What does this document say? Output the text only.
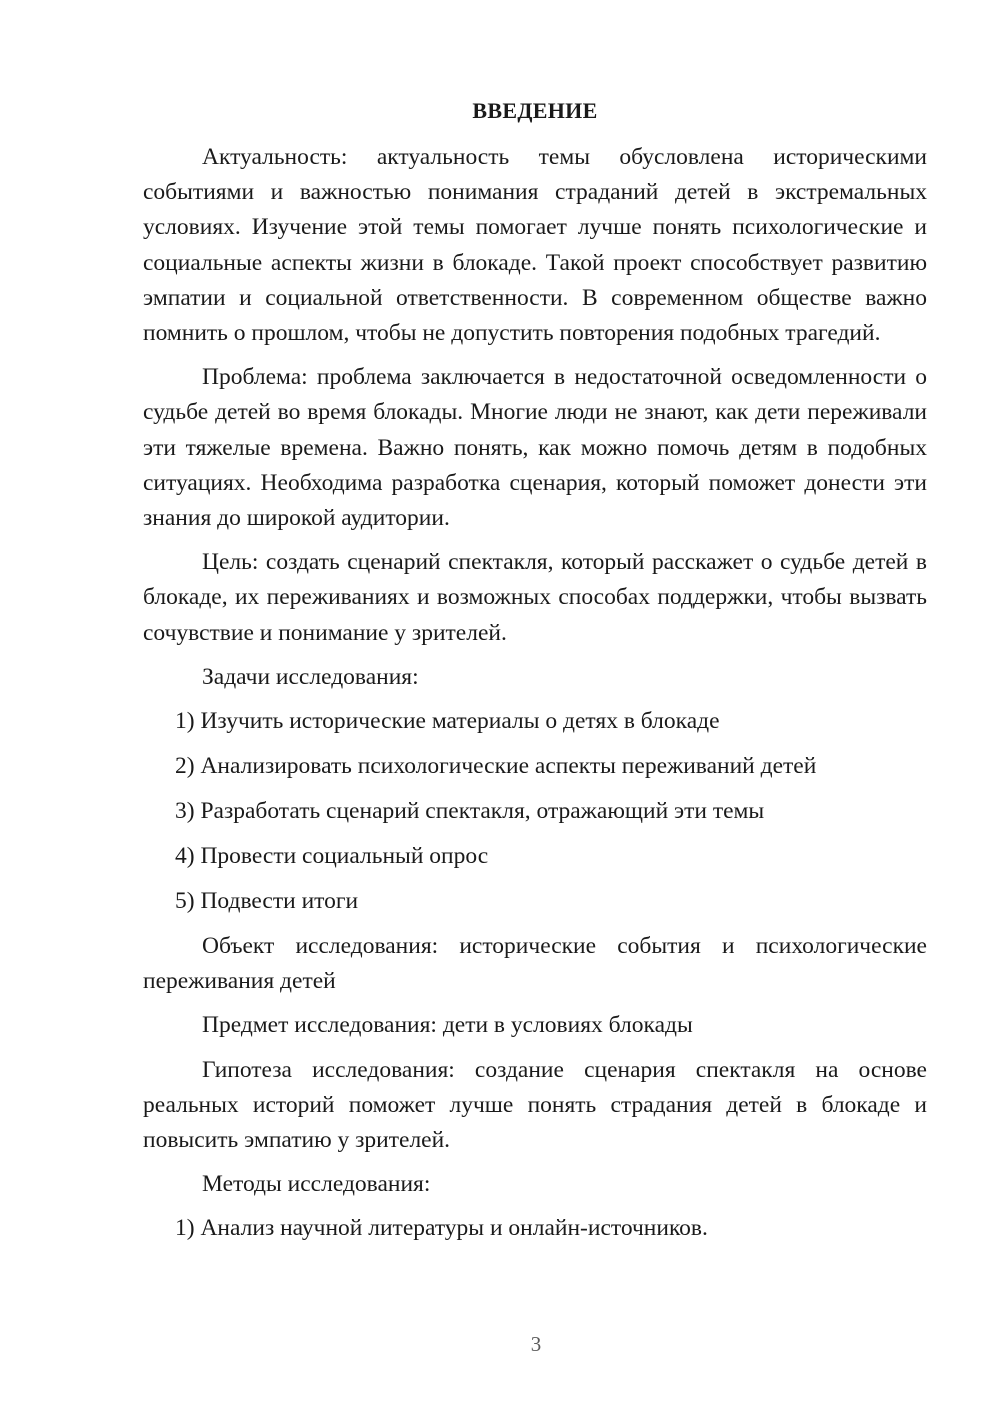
ВВЕДЕНИЕ

Актуальность: актуальность темы обусловлена историческими событиями и важностью понимания страданий детей в экстремальных условиях. Изучение этой темы помогает лучше понять психологические и социальные аспекты жизни в блокаде. Такой проект способствует развитию эмпатии и социальной ответственности. В современном обществе важно помнить о прошлом, чтобы не допустить повторения подобных трагедий.

Проблема: проблема заключается в недостаточной осведомленности о судьбе детей во время блокады. Многие люди не знают, как дети переживали эти тяжелые времена. Важно понять, как можно помочь детям в подобных ситуациях. Необходима разработка сценария, который поможет донести эти знания до широкой аудитории.

Цель: создать сценарий спектакля, который расскажет о судьбе детей в блокаде, их переживаниях и возможных способах поддержки, чтобы вызвать сочувствие и понимание у зрителей.

Задачи исследования:

1) Изучить исторические материалы о детях в блокаде

2) Анализировать психологические аспекты переживаний детей

3) Разработать сценарий спектакля, отражающий эти темы

4) Провести социальный опрос

5) Подвести итоги

Объект исследования: исторические события и психологические переживания детей

Предмет исследования: дети в условиях блокады

Гипотеза исследования: создание сценария спектакля на основе реальных историй поможет лучше понять страдания детей в блокаде и повысить эмпатию у зрителей.

Методы исследования:

1) Анализ научной литературы и онлайн-источников.

3
